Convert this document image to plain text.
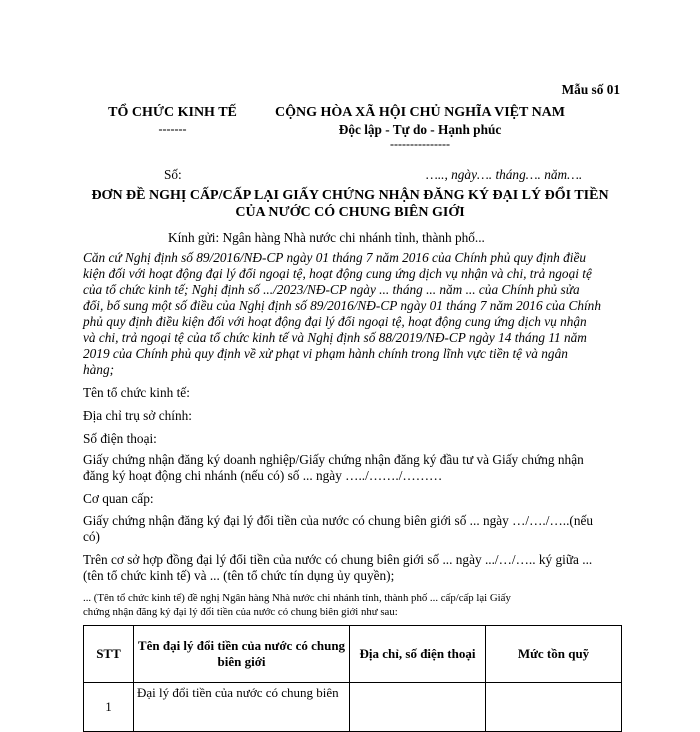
Mẫu số 01
TỔ CHỨC KINH TẾ
-------
CỘNG HÒA XÃ HỘI CHỦ NGHĨA VIỆT NAM
Độc lập - Tự do - Hạnh phúc
---------------
Số:	….., ngày…. tháng…. năm….
ĐƠN ĐỀ NGHỊ CẤP/CẤP LẠI GIẤY CHỨNG NHẬN ĐĂNG KÝ ĐẠI LÝ ĐỔI TIỀN
CỦA NƯỚC CÓ CHUNG BIÊN GIỚI
Kính gửi: Ngân hàng Nhà nước chi nhánh tỉnh, thành phố...
Căn cứ Nghị định số 89/2016/NĐ-CP ngày 01 tháng 7 năm 2016 của Chính phủ quy định điều
kiện đối với hoạt động đại lý đổi ngoại tệ, hoạt động cung ứng dịch vụ nhận và chi, trả ngoại tệ
của tổ chức kinh tế; Nghị định số .../2023/NĐ-CP ngày ... tháng ... năm ... của Chính phủ sửa
đổi, bổ sung một số điều của Nghị định số 89/2016/NĐ-CP ngày 01 tháng 7 năm 2016 của Chính
phủ quy định điều kiện đối với hoạt động đại lý đổi ngoại tệ, hoạt động cung ứng dịch vụ nhận
và chi, trả ngoại tệ của tổ chức kinh tế và Nghị định số 88/2019/NĐ-CP ngày 14 tháng 11 năm
2019 của Chính phủ quy định về xử phạt vi phạm hành chính trong lĩnh vực tiền tệ và ngân
hàng;
Tên tổ chức kinh tế:
Địa chỉ trụ sở chính:
Số điện thoại:
Giấy chứng nhận đăng ký doanh nghiệp/Giấy chứng nhận đăng ký đầu tư và Giấy chứng nhận
đăng ký hoạt động chi nhánh (nếu có) số ... ngày …../……./………
Cơ quan cấp:
Giấy chứng nhận đăng ký đại lý đổi tiền của nước có chung biên giới số ... ngày …/…./…..(nếu
có)
Trên cơ sở hợp đồng đại lý đổi tiền của nước có chung biên giới số ... ngày .../…/….. ký giữa ...
(tên tổ chức kinh tế) và ... (tên tổ chức tín dụng ủy quyền);
... (Tên tổ chức kinh tế) đề nghị Ngân hàng Nhà nước chi nhánh tỉnh, thành phố ... cấp/cấp lại Giấy
chứng nhận đăng ký đại lý đổi tiền của nước có chung biên giới như sau:
STT	Tên đại lý đổi tiền của nước có chung biên giới	Địa chỉ, số điện thoại	Mức tồn quỹ
1	Đại lý đổi tiền của nước có chung biên		
